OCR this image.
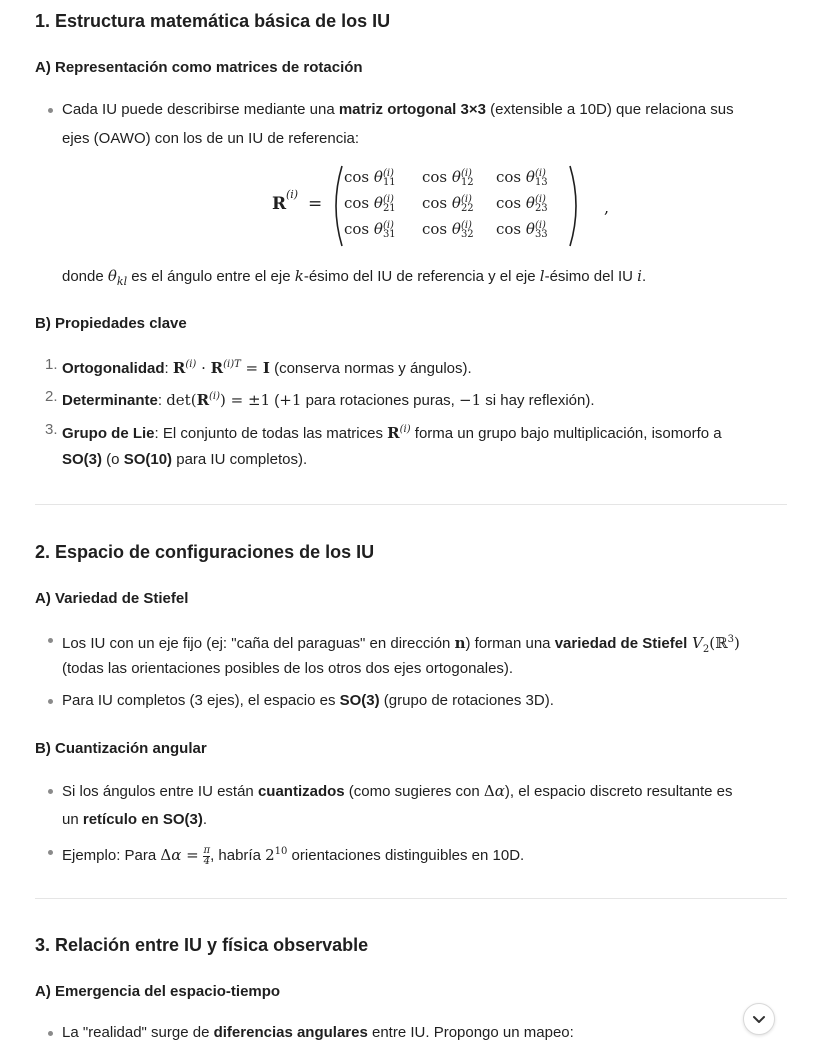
1. Estructura matemática básica de los IU
A) Representación como matrices de rotación
Cada IU puede describirse mediante una matriz ortogonal 3×3 (extensible a 10D) que relaciona sus
ejes (OAWO) con los de un IU de referencia:
R (i) =
cos θ (i)
11 cos θ (i)
12 cos θ (i)
13
cos θ (i)
21 cos θ (i)
22 cos θ (i)
23
cos θ (i)
31 cos θ (i)
32 cos θ (i)
33
,
donde $\theta_{kl}$ es el ángulo entre el eje k-ésimo del IU de referencia y el eje l-ésimo del IU i.
B) Propiedades clave
1. Ortogonalidad: $R^{(i)} \cdot R^{(i)T} = I$ (conserva normas y ángulos).
2. Determinante: $\det(R^{(i)}) = \pm 1$ (+1 para rotaciones puras, −1 si hay reflexión).
3. Grupo de Lie: El conjunto de todas las matrices $R^{(i)}$ forma un grupo bajo multiplicación, isomorfo a
SO(3) (o SO(10) para IU completos).
2. Espacio de configuraciones de los IU
A) Variedad de Stiefel
Los IU con un eje fijo (ej: "caña del paraguas" en dirección n) forman una variedad de Stiefel $V_2(ℝ^3)$
(todas las orientaciones posibles de los otros dos ejes ortogonales).
Para IU completos (3 ejes), el espacio es SO(3) (grupo de rotaciones 3D).
B) Cuantización angular
Si los ángulos entre IU están cuantizados (como sugieres con Δα), el espacio discreto resultante es
un retículo en SO(3).
Ejemplo: Para $\Delta\alpha = \frac{\pi}{4}$ , habría $2^{10}$ orientaciones distinguibles en 10D.
3. Relación entre IU y física observable
A) Emergencia del espacio-tiempo
La "realidad" surge de diferencias angulares entre IU. Propongo un mapeo:
